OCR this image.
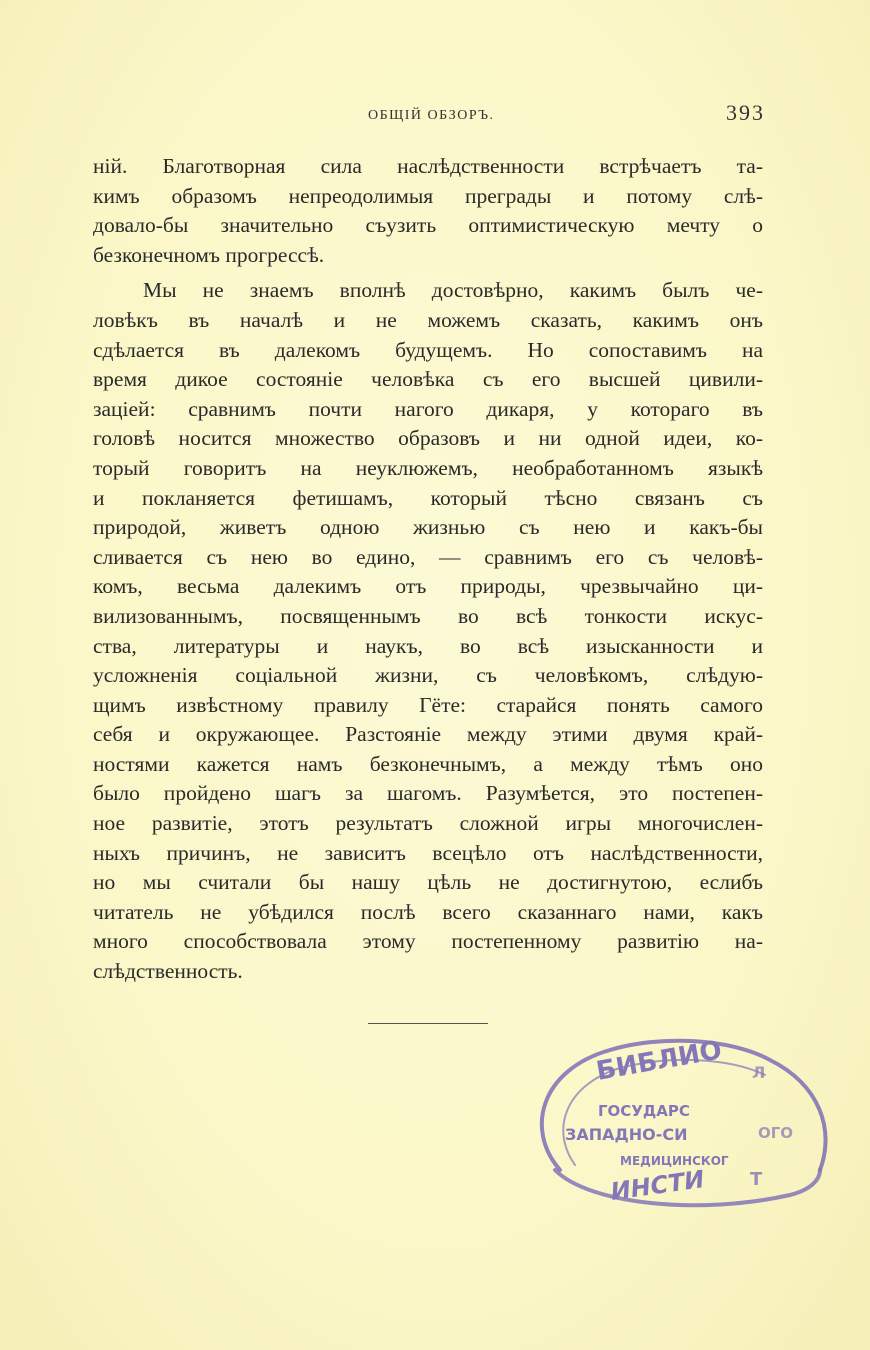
ОБЩІЙ ОБЗОРЪ.	393
ній. Благотворная сила наслѣдственности встрѣчаетъ та-
кимъ образомъ непреодолимыя преграды и потому слѣ-
довало-бы значительно съузить оптимистическую мечту о
безконечномъ прогрессѣ.
Мы не знаемъ вполнѣ достовѣрно, какимъ былъ че-
ловѣкъ въ началѣ и не можемъ сказать, какимъ онъ
сдѣлается въ далекомъ будущемъ. Но сопоставимъ на
время дикое состояніе человѣка съ его высшей цивили-
заціей: сравнимъ почти нагого дикаря, у котораго въ
головѣ носится множество образовъ и ни одной идеи, ко-
торый говоритъ на неуклюжемъ, необработанномъ языкѣ
и покланяется фетишамъ, который тѣсно связанъ съ
природой, живетъ одною жизнью съ нею и какъ-бы
сливается съ нею во едино, — сравнимъ его съ человѣ-
комъ, весьма далекимъ отъ природы, чрезвычайно ци-
вилизованнымъ, посвященнымъ во всѣ тонкости искус-
ства, литературы и наукъ, во всѣ изысканности и
усложненія соціальной жизни, съ человѣкомъ, слѣдую-
щимъ извѣстному правилу Гёте: старайся понять самого
себя и окружающее. Разстояніе между этими двумя край-
ностями кажется намъ безконечнымъ, а между тѣмъ оно
было пройдено шагъ за шагомъ. Разумѣется, это постепен-
ное развитіе, этотъ результатъ сложной игры многочислен-
ныхъ причинъ, не зависитъ всецѣло отъ наслѣдственности,
но мы считали бы нашу цѣль не достигнутою, еслибъ
читатель не убѣдился послѣ всего сказаннаго нами, какъ
много способствовала этому постепенному развитію на-
слѣдственность.
БИБЛИО Л
ГОСУДАРС
ЗАПАДНО-СИ	ОГО
МЕДИЦИНСКОГ
ИНСТИ Т
